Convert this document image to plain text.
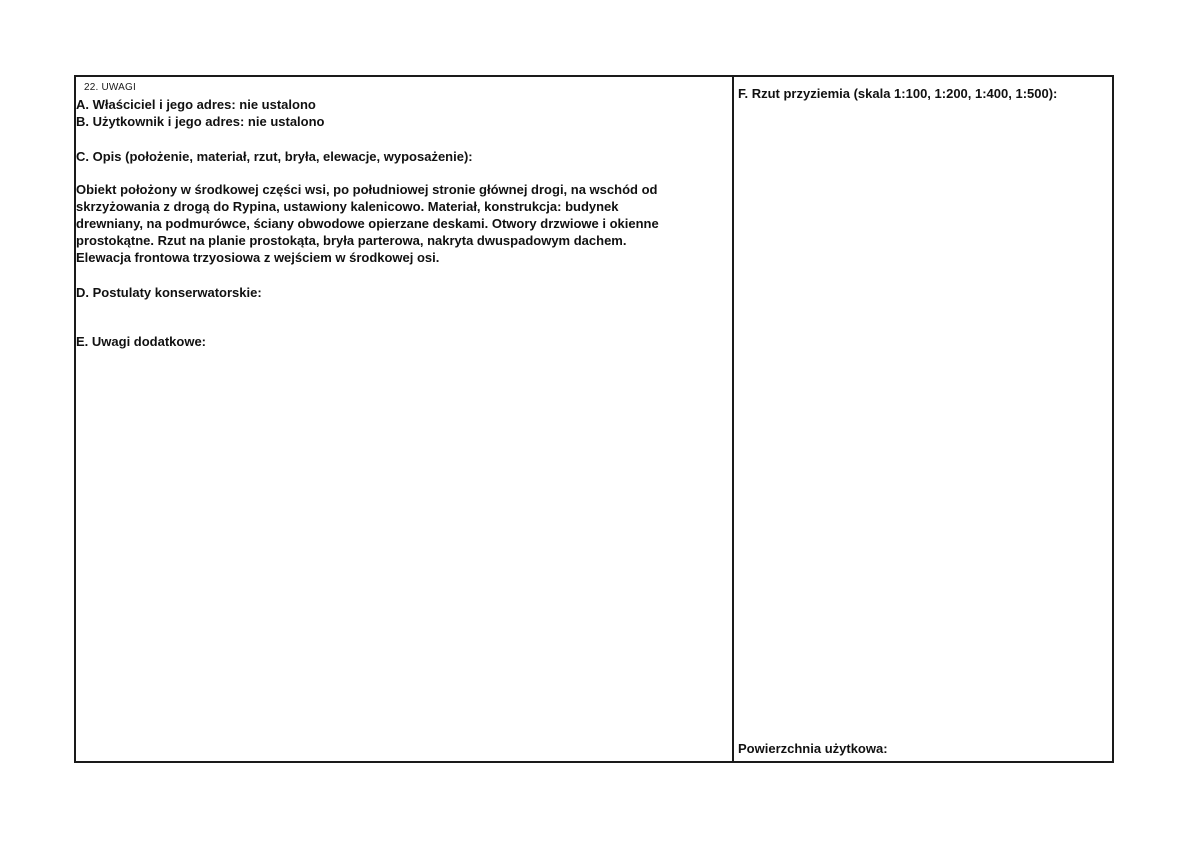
22. UWAGI
A. Właściciel i jego adres: nie ustalono
B. Użytkownik i jego adres: nie ustalono
C. Opis (położenie, materiał, rzut, bryła, elewacje, wyposażenie):
Obiekt położony w środkowej części wsi, po południowej stronie głównej drogi, na wschód od
skrzyżowania z drogą do Rypina, ustawiony kalenicowo. Materiał, konstrukcja: budynek
drewniany, na podmurówce, ściany obwodowe opierzane deskami. Otwory drzwiowe i okienne
prostokątne. Rzut na planie prostokąta, bryła parterowa, nakryta dwuspadowym dachem.
Elewacja frontowa trzyosiowa z wejściem w środkowej osi.
D. Postulaty konserwatorskie:
E. Uwagi dodatkowe:
F. Rzut przyziemia (skala 1:100, 1:200, 1:400, 1:500):
Powierzchnia użytkowa:
